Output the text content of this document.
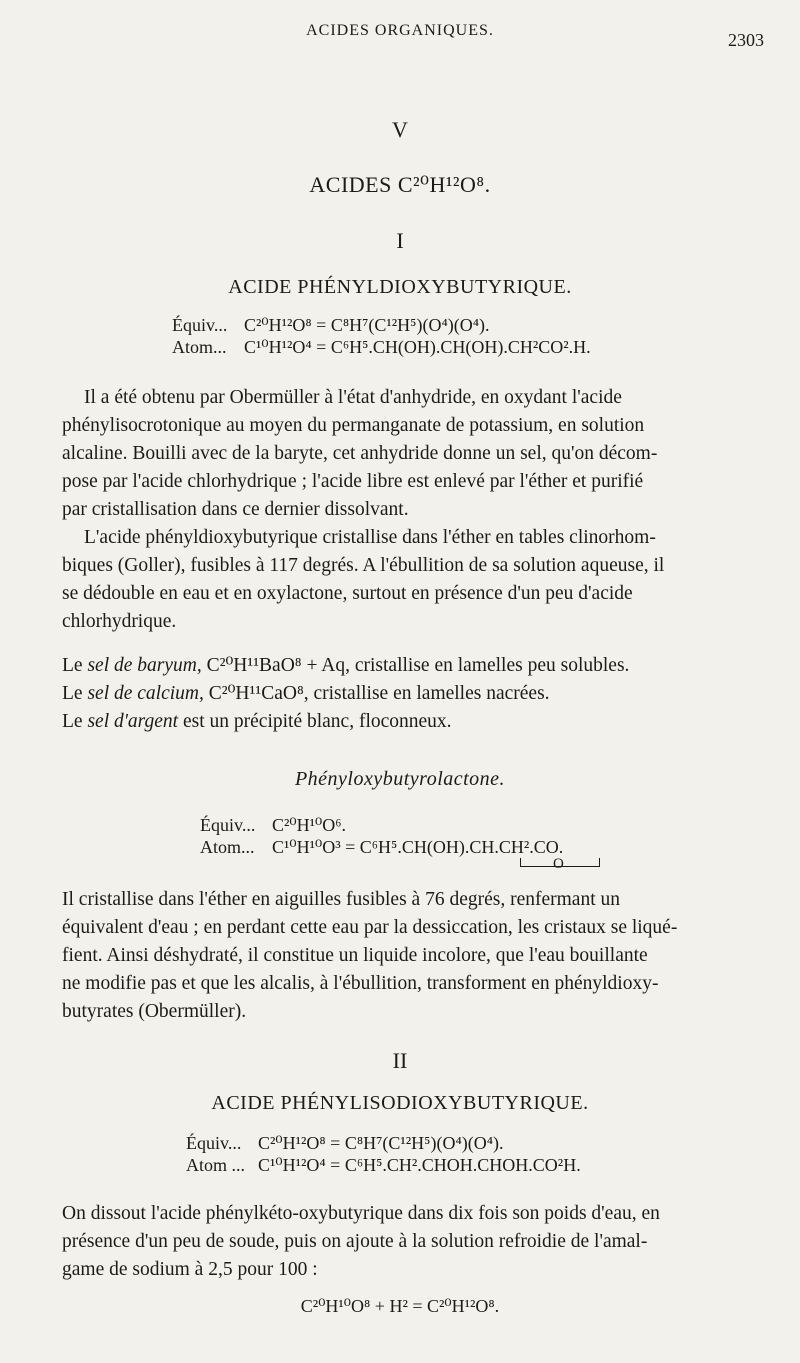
ACIDES ORGANIQUES.	2303
V
ACIDES C²⁰H¹²O⁸.
I
ACIDE PHÉNYLDIOXYBUTYRIQUE.
Équiv... C²⁰H¹²O⁸ = C⁸H⁷(C¹²H⁵)(O⁴)(O⁴).
Atom... C¹⁰H¹²O⁴ = C⁶H⁵.CH(OH).CH(OH).CH²CO².H.
Il a été obtenu par Obermüller à l'état d'anhydride, en oxydant l'acide
phénylisocrotonique au moyen du permanganate de potassium, en solution
alcaline. Bouilli avec de la baryte, cet anhydride donne un sel, qu'on décom-
pose par l'acide chlorhydrique ; l'acide libre est enlevé par l'éther et purifié
par cristallisation dans ce dernier dissolvant.
L'acide phényldioxybutyrique cristallise dans l'éther en tables clinorhom-
biques (Goller), fusibles à 117 degrés. A l'ébullition de sa solution aqueuse, il
se dédouble en eau et en oxylactone, surtout en présence d'un peu d'acide
chlorhydrique.
Le sel de baryum, C²⁰H¹¹BaO⁸ + Aq, cristallise en lamelles peu solubles.
Le sel de calcium, C²⁰H¹¹CaO⁸, cristallise en lamelles nacrées.
Le sel d'argent est un précipité blanc, floconneux.
Phényloxybutyrolactone.
Équiv... C²⁰H¹⁰O⁶.
Atom... C¹⁰H¹⁰O³ = C⁶H⁵.CH(OH).CH.CH².CO.
O
Il cristallise dans l'éther en aiguilles fusibles à 76 degrés, renfermant un
équivalent d'eau ; en perdant cette eau par la dessiccation, les cristaux se liqué-
fient. Ainsi déshydraté, il constitue un liquide incolore, que l'eau bouillante
ne modifie pas et que les alcalis, à l'ébullition, transforment en phényldioxy-
butyrates (Obermüller).
II
ACIDE PHÉNYLISODIOXYBUTYRIQUE.
Équiv... C²⁰H¹²O⁸ = C⁸H⁷(C¹²H⁵)(O⁴)(O⁴).
Atom ... C¹⁰H¹²O⁴ = C⁶H⁵.CH².CHOH.CHOH.CO²H.
On dissout l'acide phénylkéto-oxybutyrique dans dix fois son poids d'eau, en
présence d'un peu de soude, puis on ajoute à la solution refroidie de l'amal-
game de sodium à 2,5 pour 100 :
C²⁰H¹⁰O⁸ + H² = C²⁰H¹²O⁸.
